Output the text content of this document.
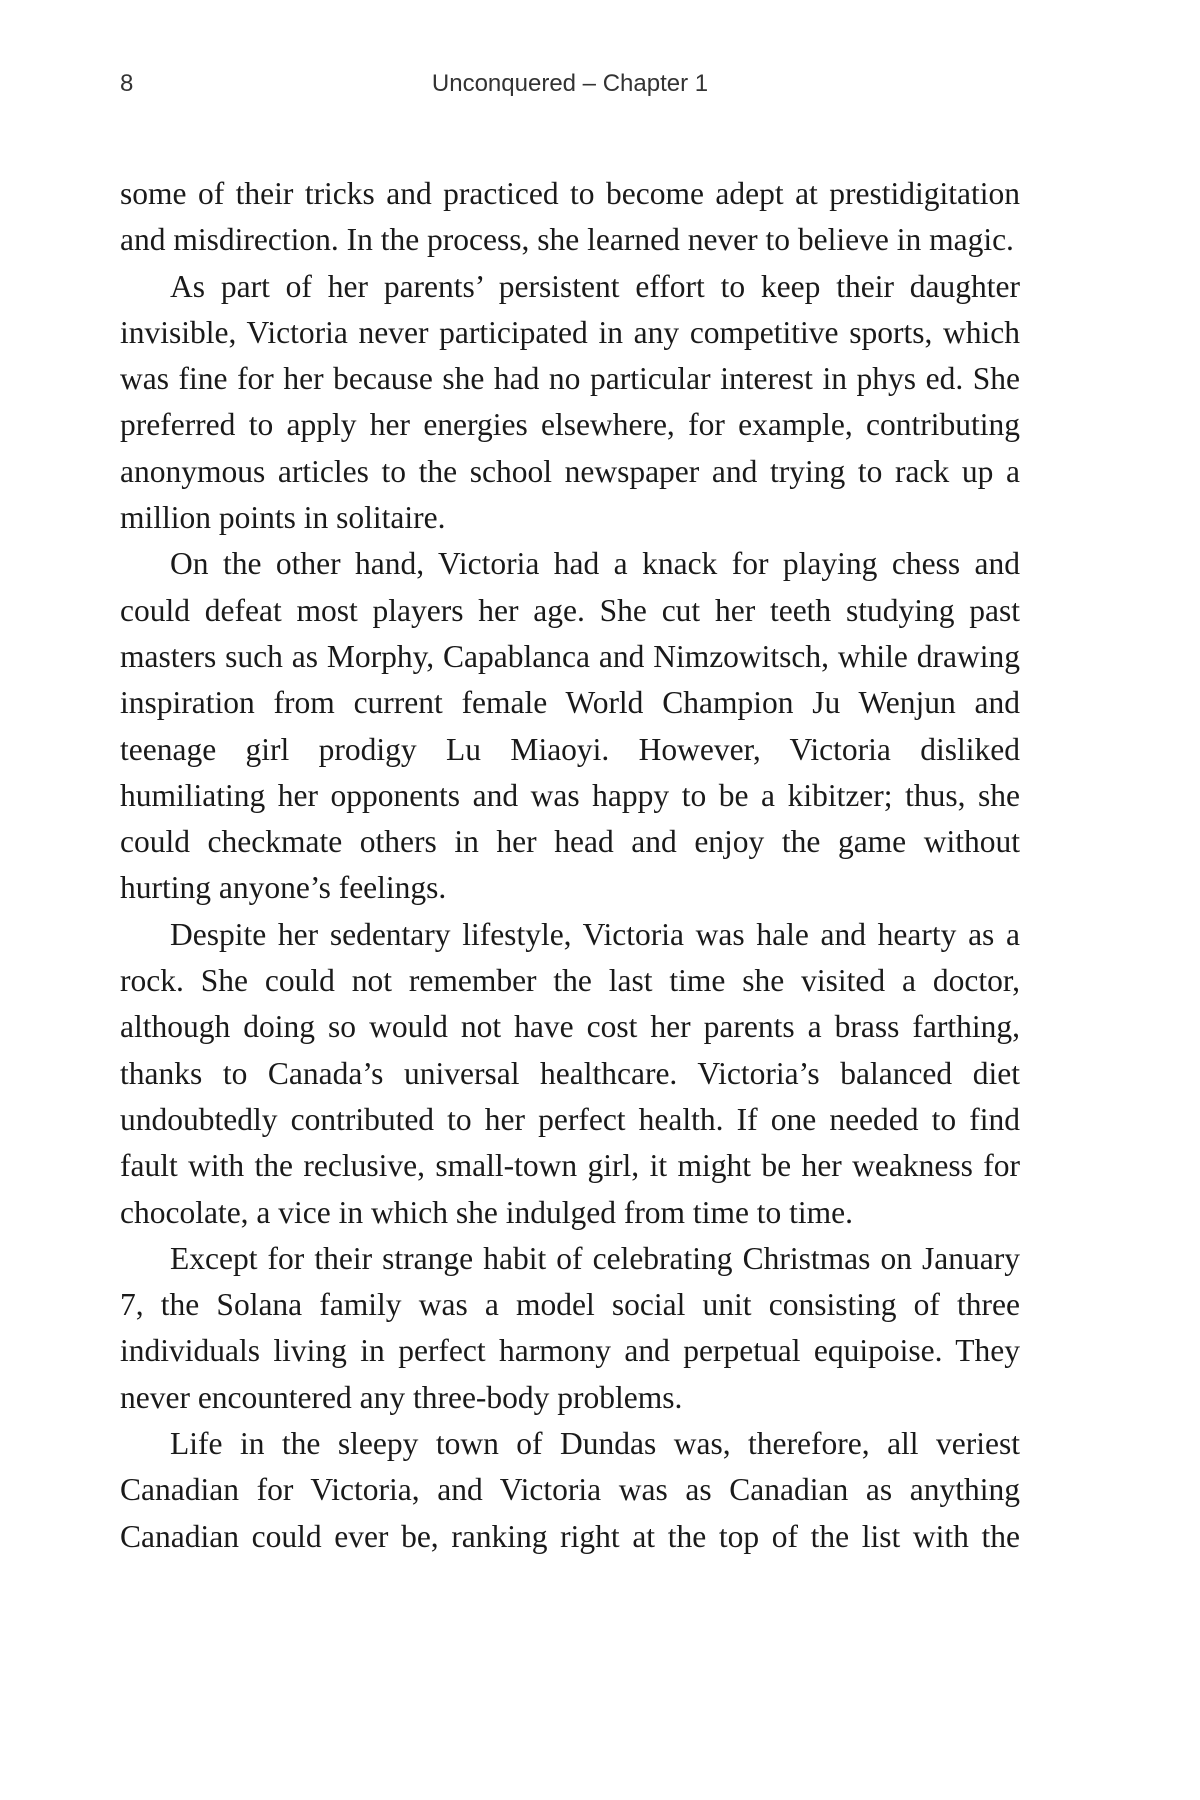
8	Unconquered – Chapter 1

some of their tricks and practiced to become adept at prestidigitation and misdirection. In the process, she learned never to believe in magic.

As part of her parents’ persistent effort to keep their daughter invisible, Victoria never participated in any competitive sports, which was fine for her because she had no particular interest in phys ed. She preferred to apply her energies elsewhere, for example, contributing anonymous articles to the school newspaper and trying to rack up a million points in solitaire.

On the other hand, Victoria had a knack for playing chess and could defeat most players her age. She cut her teeth studying past masters such as Morphy, Capablanca and Nimzowitsch, while drawing inspiration from current female World Champion Ju Wenjun and teenage girl prodigy Lu Miaoyi. However, Victoria disliked humiliating her opponents and was happy to be a kibitzer; thus, she could checkmate others in her head and enjoy the game without hurting anyone’s feelings.

Despite her sedentary lifestyle, Victoria was hale and hearty as a rock. She could not remember the last time she visited a doctor, although doing so would not have cost her parents a brass farthing, thanks to Canada’s universal healthcare. Victoria’s balanced diet undoubtedly contributed to her perfect health. If one needed to find fault with the reclusive, small-town girl, it might be her weakness for chocolate, a vice in which she indulged from time to time.

Except for their strange habit of celebrating Christmas on January 7, the Solana family was a model social unit consisting of three individuals living in perfect harmony and perpetual equipoise. They never encountered any three-body problems.

Life in the sleepy town of Dundas was, therefore, all veriest Canadian for Victoria, and Victoria was as Canadian as anything Canadian could ever be, ranking right at the top of the list with the
